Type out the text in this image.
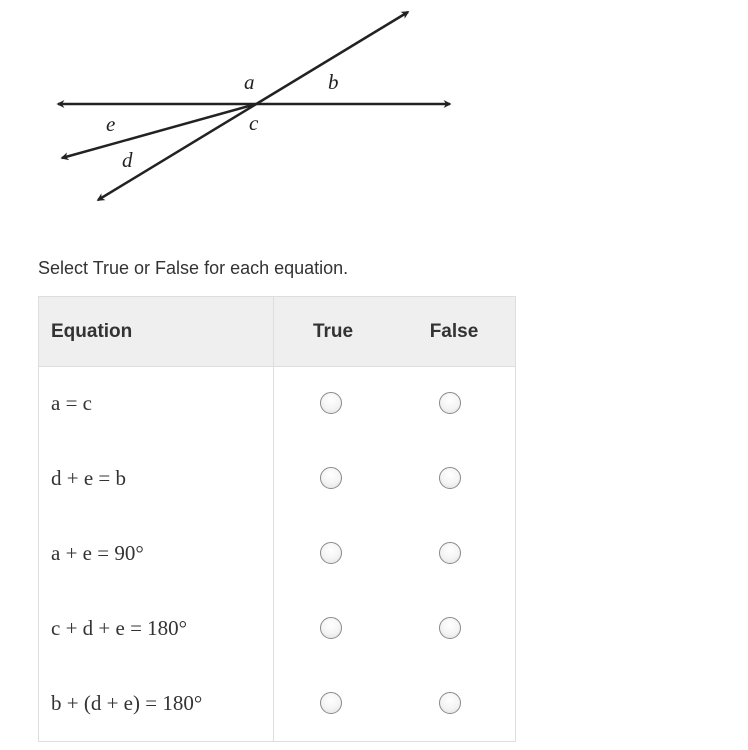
a	b
c
e
d
Select True or False for each equation.
Equation	True	False
a = c
d + e = b
a + e = 90°
c + d + e = 180°
b + (d + e) = 180°
